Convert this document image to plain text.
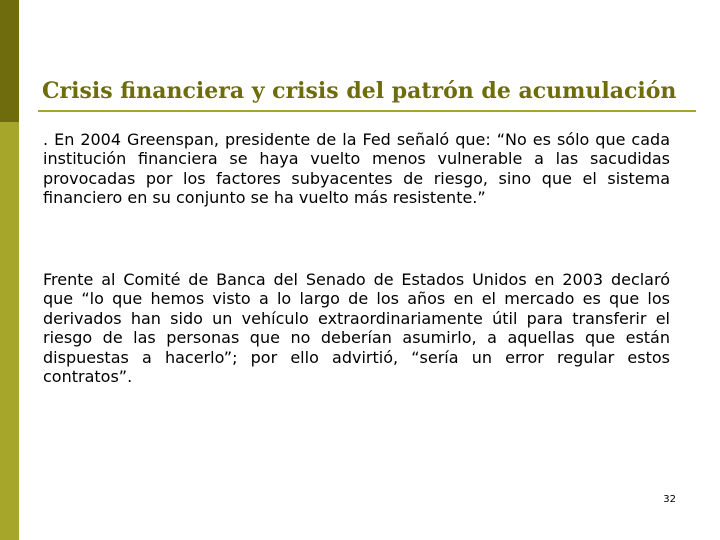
Crisis financiera y crisis del patrón de acumulación

. En 2004 Greenspan, presidente de la Fed señaló que: “No es sólo que cada institución financiera se haya vuelto menos vulnerable a las sacudidas provocadas por los factores subyacentes de riesgo, sino que el sistema financiero en su conjunto se ha vuelto más resistente.”

Frente al Comité de Banca del Senado de Estados Unidos en 2003 declaró que “lo que hemos visto a lo largo de los años en el mercado es que los derivados han sido un vehículo extraordinariamente útil para transferir el riesgo de las personas que no deberían asumirlo, a aquellas que están dispuestas a hacerlo”; por ello advirtió, “sería un error regular estos contratos”.

32
